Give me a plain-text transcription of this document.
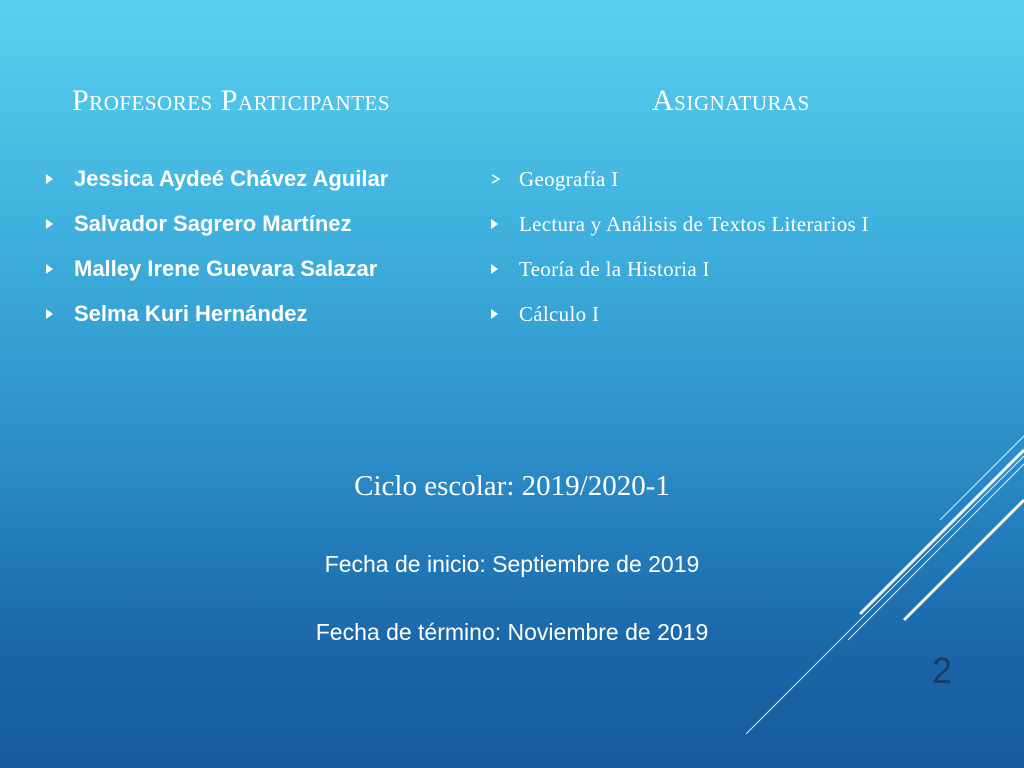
Profesores Participantes	Asignaturas
Jessica Aydeé Chávez Aguilar
Salvador Sagrero Martínez
Malley Irene Guevara Salazar
Selma Kuri Hernández
Geografía I
Lectura y Análisis de Textos Literarios I
Teoría de la Historia I
Cálculo I
Ciclo escolar: 2019/2020-1
Fecha de inicio: Septiembre de 2019
Fecha de término: Noviembre de 2019
2
